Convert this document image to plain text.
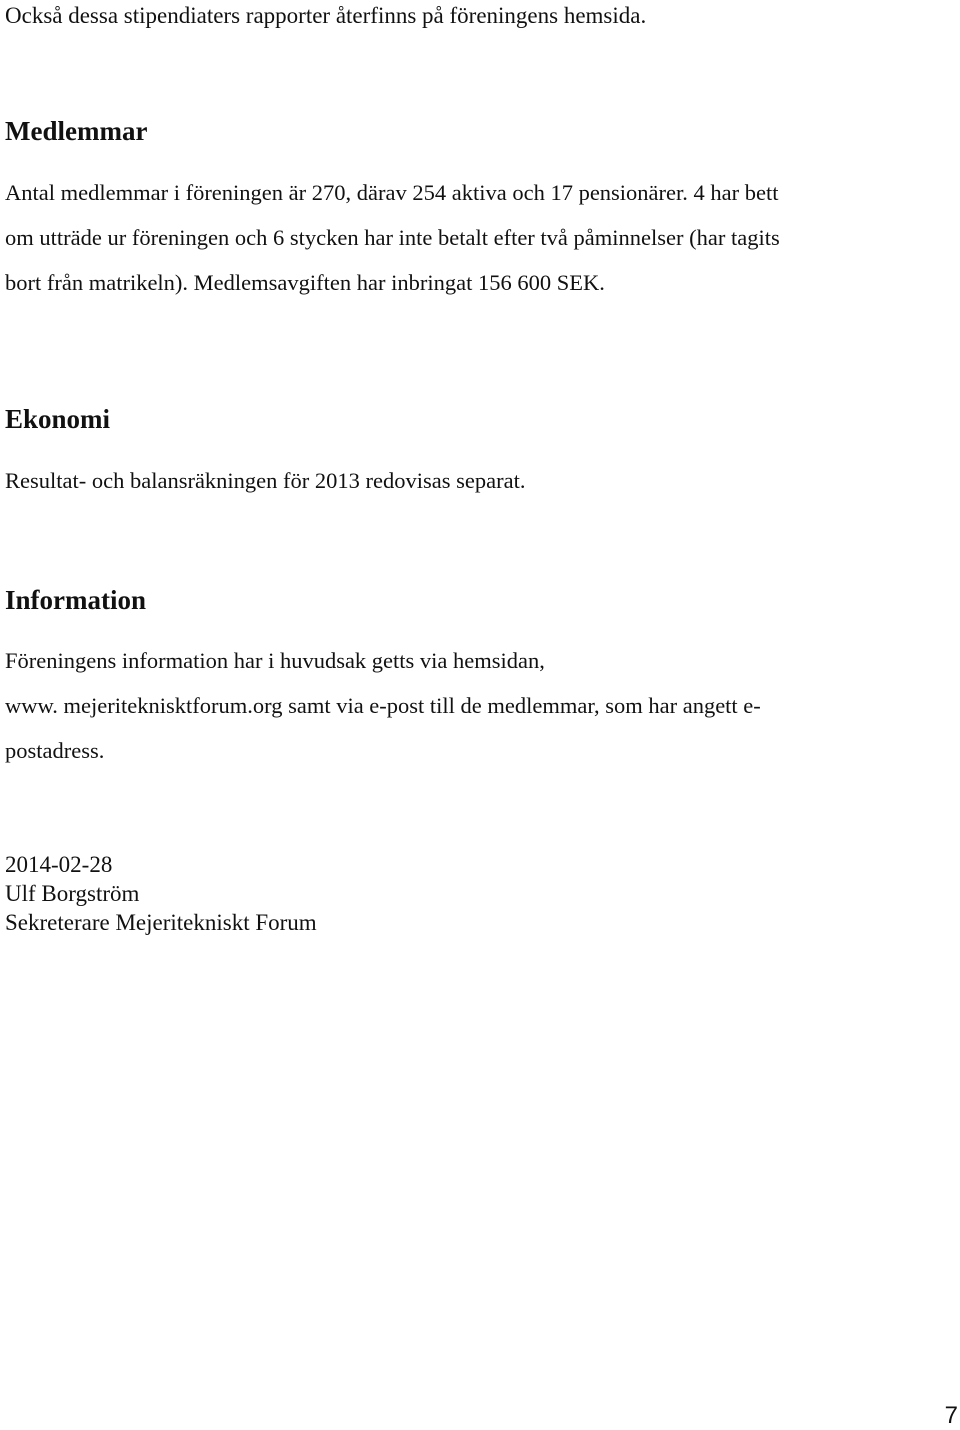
Också dessa stipendiaters rapporter återfinns på föreningens hemsida.

Medlemmar

Antal medlemmar i föreningen är 270, därav 254 aktiva och 17 pensionärer. 4 har bett
om utträde ur föreningen och 6 stycken har inte betalt efter två påminnelser (har tagits
bort från matrikeln). Medlemsavgiften har inbringat 156 600 SEK.

Ekonomi

Resultat- och balansräkningen för 2013 redovisas separat.

Information

Föreningens information har i huvudsak getts via hemsidan,
www. mejeriteknisktforum.org samt via e-post till de medlemmar, som har angett e-
postadress.

2014-02-28
Ulf Borgström
Sekreterare Mejeritekniskt Forum
7
